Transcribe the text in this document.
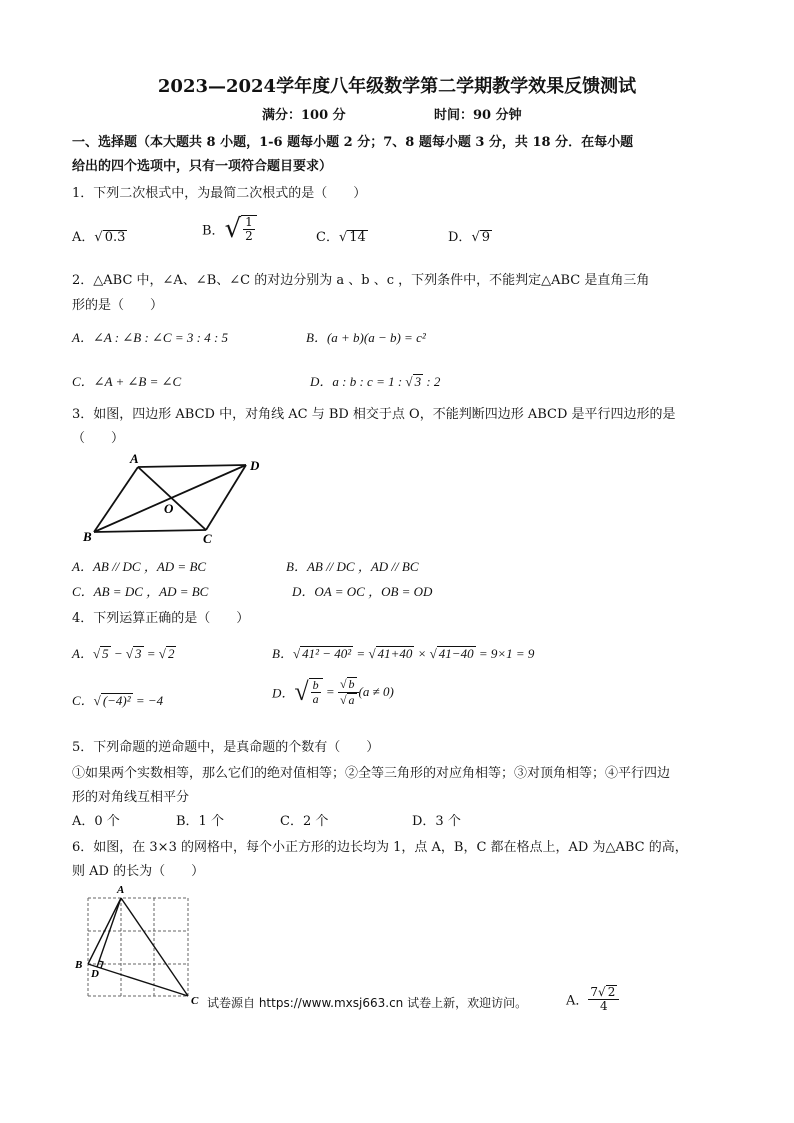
2023—2024学年度八年级数学第二学期教学效果反馈测试
满分：100 分	时间：90 分钟
一、选择题（本大题共 8 小题，1-6 题每小题 2 分；7、8 题每小题 3 分，共 18 分．在每小题
给出的四个选项中，只有一项符合题目要求）
1．下列二次根式中，为最简二次根式的是（　　）
A．√ 0.3	B．√ $\frac{1}{2}$	C．√ 14	D．√ 9
2．△ABC 中，∠A、∠B、∠C 的对边分别为 a 、b 、c ，下列条件中，不能判定△ABC 是直角三角
形的是（　　）
A．∠A : ∠B : ∠C = 3 : 4 : 5	B．(a + b)(a − b) = c²
C．∠A + ∠B = ∠C	D．a : b : c = 1 : √ 3 : 2
3．如图，四边形 ABCD 中，对角线 AC 与 BD 相交于点 O，不能判断四边形 ABCD 是平行四边形的是
（　　）
A	D
B	C
O
A．AB // DC ，AD = BC	B．AB // DC ，AD // BC
C．AB = DC ，AD = BC	D．OA = OC ，OB = OD
4．下列运算正确的是（　　）
A．√ 5 − √ 3 = √ 2	B．√ 41² − 40² = √ 41+40 × √ 41−40 = 9×1 = 9
C．√ (−4)² = −4	D．√ $\frac{b}{a} = \frac{√ b}{√ a} (a \ne 0)$
5．下列命题的逆命题中，是真命题的个数有（　　）
①如果两个实数相等，那么它们的绝对值相等；②全等三角形的对应角相等；③对顶角相等；④平行四边
形的对角线互相平分
A．0 个	B．1 个	C．2 个	D．3 个
6．如图，在 3×3 的网格中，每个小正方形的边长均为 1，点 A，B，C 都在格点上，AD 为△ABC 的高，
则 AD 的长为（　　）
A
B
D
C 试卷源自 https://www.mxsj663.cn 试卷上新，欢迎访问。	A． $\frac{7√ 2}{4}$
